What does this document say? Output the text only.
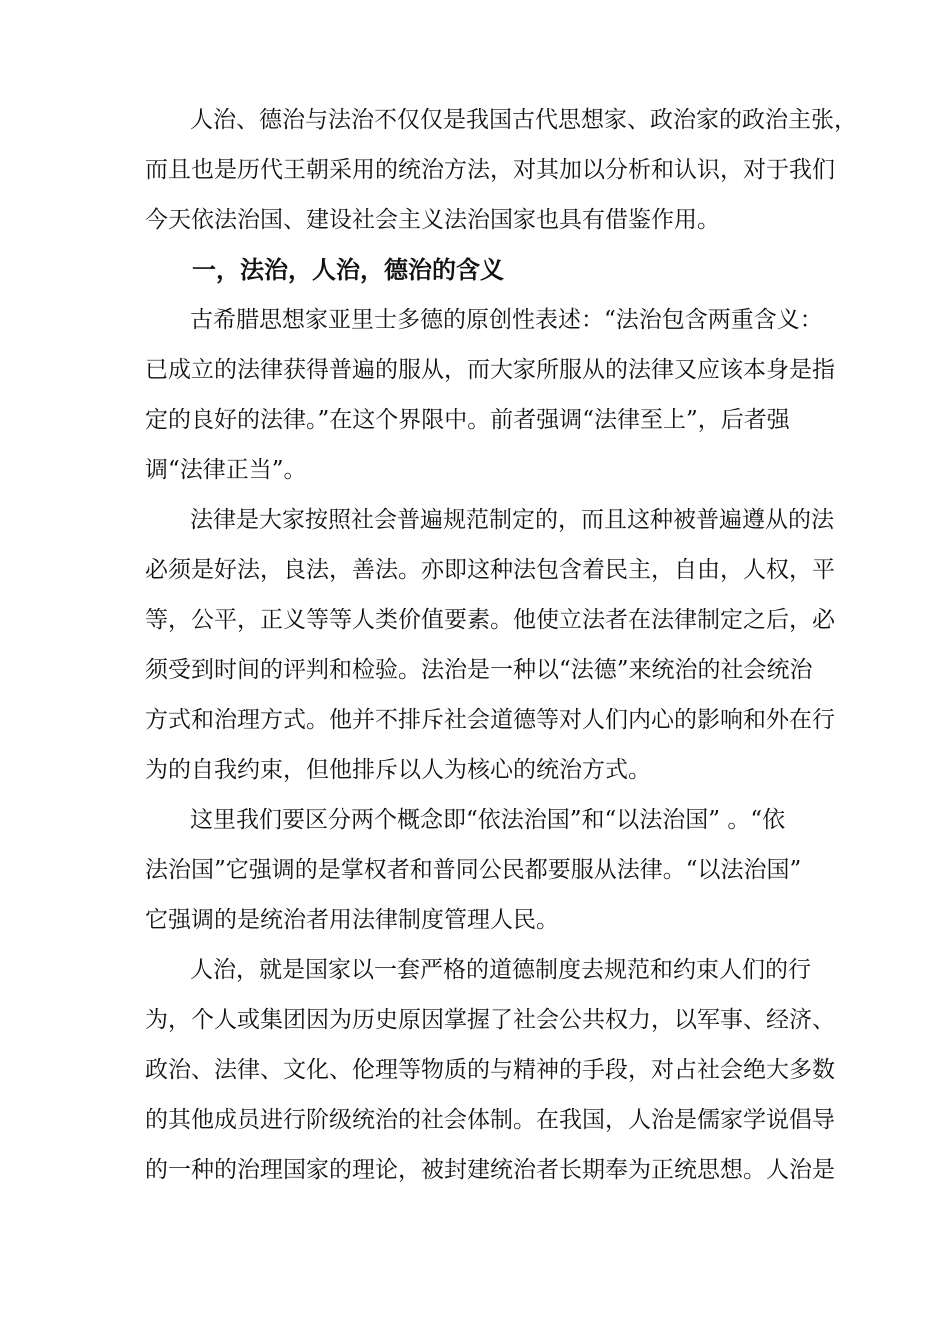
人治、德治与法治不仅仅是我国古代思想家、政治家的政治主张，
而且也是历代王朝采用的统治方法，对其加以分析和认识，对于我们
今天依法治国、建设社会主义法治国家也具有借鉴作用。
一，法治，人治，德治的含义
古希腊思想家亚里士多德的原创性表述：“法治包含两重含义：
已成立的法律获得普遍的服从，而大家所服从的法律又应该本身是指
定的良好的法律。”在这个界限中。前者强调“法律至上”，后者强
调“法律正当”。
法律是大家按照社会普遍规范制定的，而且这种被普遍遵从的法
必须是好法，良法，善法。亦即这种法包含着民主，自由，人权，平
等，公平，正义等等人类价值要素。他使立法者在法律制定之后，必
须受到时间的评判和检验。法治是一种以“法德”来统治的社会统治
方式和治理方式。他并不排斥社会道德等对人们内心的影响和外在行
为的自我约束，但他排斥以人为核心的统治方式。
这里我们要区分两个概念即“依法治国”和“以法治国” 。“依
法治国”它强调的是掌权者和普同公民都要服从法律。“以法治国”
它强调的是统治者用法律制度管理人民。
人治，就是国家以一套严格的道德制度去规范和约束人们的行
为，个人或集团因为历史原因掌握了社会公共权力，以军事、经济、
政治、法律、文化、伦理等物质的与精神的手段，对占社会绝大多数
的其他成员进行阶级统治的社会体制。在我国，人治是儒家学说倡导
的一种的治理国家的理论，被封建统治者长期奉为正统思想。人治是
